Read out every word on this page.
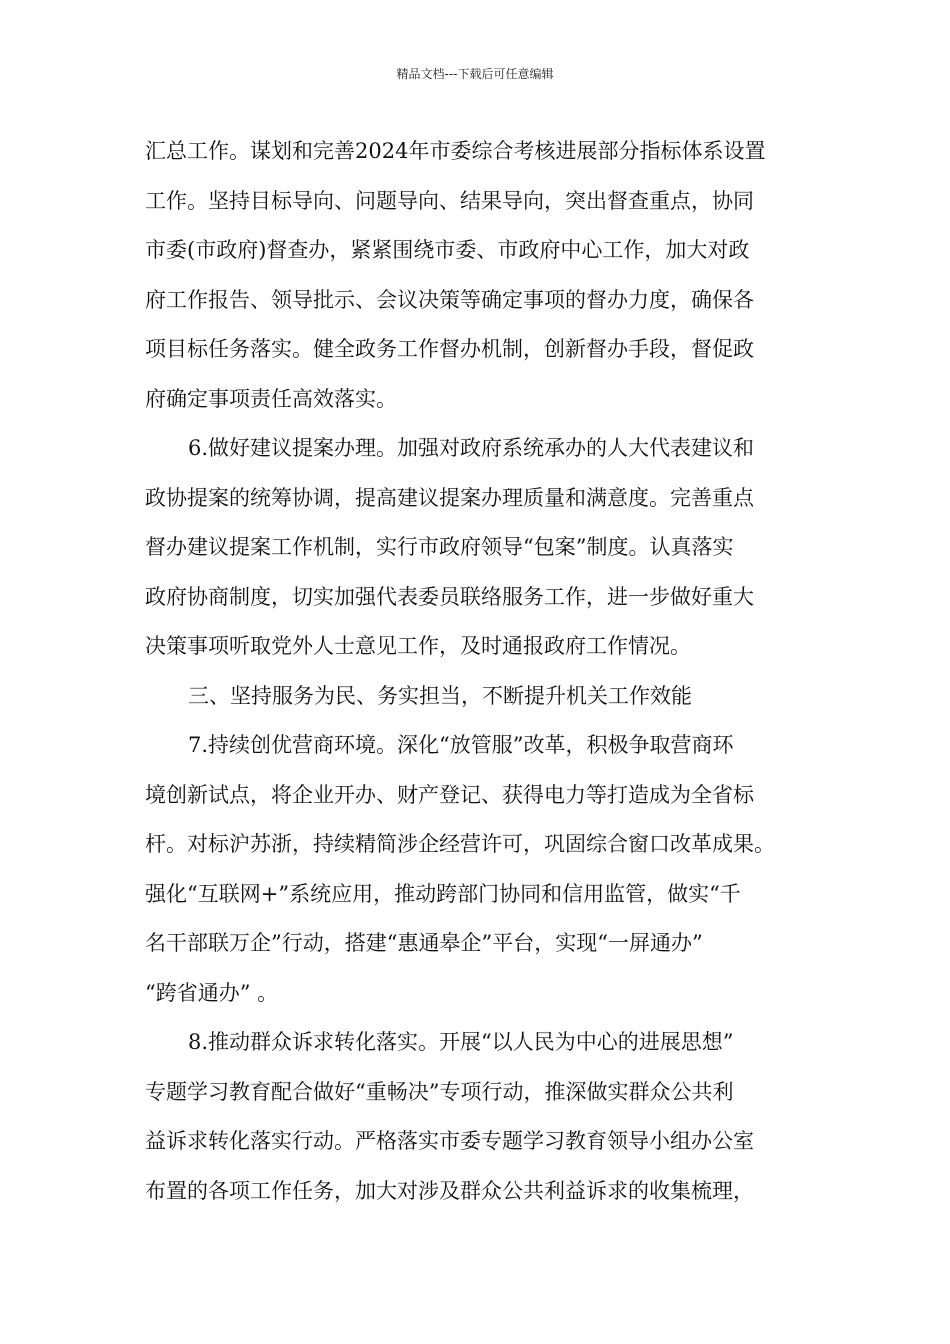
精品文档---下载后可任意编辑
汇总工作。谋划和完善2024年市委综合考核进展部分指标体系设置
工作。坚持目标导向、问题导向、结果导向，突出督查重点，协同
市委(市政府)督查办，紧紧围绕市委、市政府中心工作，加大对政
府工作报告、领导批示、会议决策等确定事项的督办力度，确保各
项目标任务落实。健全政务工作督办机制，创新督办手段，督促政
府确定事项责任高效落实。
6.做好建议提案办理。加强对政府系统承办的人大代表建议和
政协提案的统筹协调，提高建议提案办理质量和满意度。完善重点
督办建议提案工作机制，实行市政府领导“包案”制度。认真落实
政府协商制度，切实加强代表委员联络服务工作，进一步做好重大
决策事项听取党外人士意见工作，及时通报政府工作情况。
三、坚持服务为民、务实担当，不断提升机关工作效能
7.持续创优营商环境。深化“放管服”改革，积极争取营商环
境创新试点，将企业开办、财产登记、获得电力等打造成为全省标
杆。对标沪苏浙，持续精简涉企经营许可，巩固综合窗口改革成果。
强化“互联网+”系统应用，推动跨部门协同和信用监管，做实“千
名干部联万企”行动，搭建“惠通皋企”平台，实现“一屏通办”
“跨省通办” 。
8.推动群众诉求转化落实。开展“以人民为中心的进展思想”
专题学习教育配合做好“重畅决”专项行动，推深做实群众公共利
益诉求转化落实行动。严格落实市委专题学习教育领导小组办公室
布置的各项工作任务，加大对涉及群众公共利益诉求的收集梳理，
